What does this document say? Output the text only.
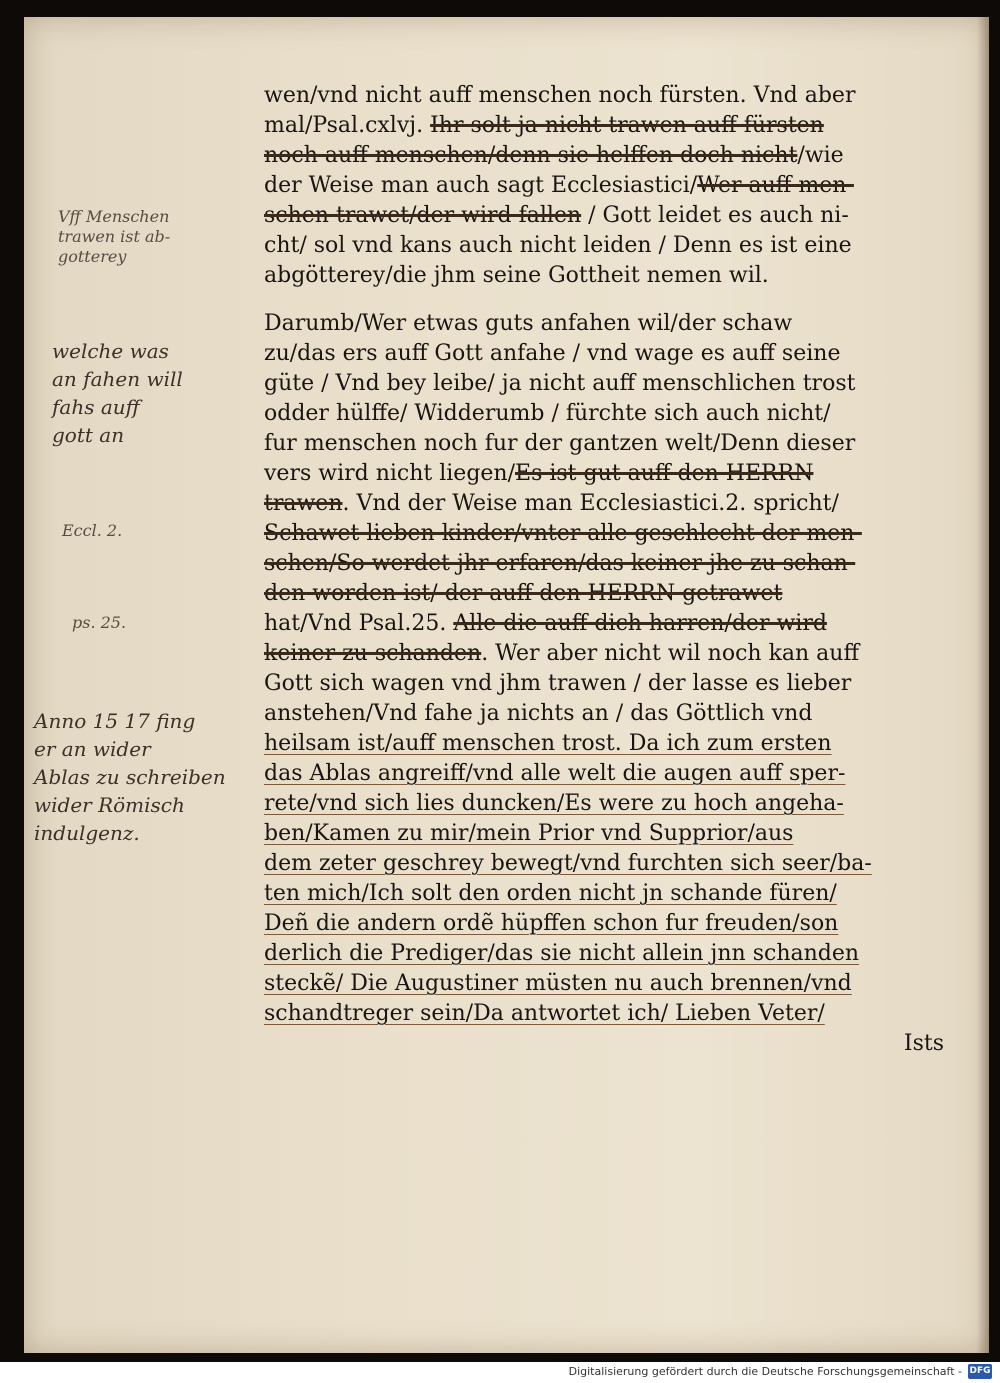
Vff Menschen
trawen ist ab-
gotterey
welche was
an fahen will
fahs auff
gott an
Eccl. 2.
ps. 25.
Anno 15 17 fing
er an wider
Ablas zu schreiben
wider Römisch
indulgenz.
wen/vnd nicht auff menschen noch fürsten. Vnd aber
mal/Psal.cxlvj. Ihr solt ja nicht trawen auff fürsten
noch auff menschen/denn sie helffen doch nicht/wie
der Weise man auch sagt Ecclesiastici/Wer auff men-
schen trawet/der wird fallen / Gott leidet es auch ni-
cht/ sol vnd kans auch nicht leiden / Denn es ist eine
abgötterey/die jhm seine Gottheit nemen wil.
Darumb/Wer etwas guts anfahen wil/der schaw
zu/das ers auff Gott anfahe / vnd wage es auff seine
güte / Vnd bey leibe/ ja nicht auff menschlichen trost
odder hülffe/ Widderumb / fürchte sich auch nicht/
fur menschen noch fur der gantzen welt/Denn dieser
vers wird nicht liegen/Es ist gut auff den HERRN
trawen. Vnd der Weise man Ecclesiastici.2. spricht/
Schawet lieben kinder/vnter alle geschlecht der men-
schen/So werdet jhr erfaren/das keiner jhe zu schan-
den worden ist/ der auff den HERRN getrawet
hat/Vnd Psal.25. Alle die auff dich harren/der wird
keiner zu schanden. Wer aber nicht wil noch kan auff
Gott sich wagen vnd jhm trawen / der lasse es lieber
anstehen/Vnd fahe ja nichts an / das Göttlich vnd
heilsam ist/auff menschen trost. Da ich zum ersten
das Ablas angreiff/vnd alle welt die augen auff sper-
rete/vnd sich lies duncken/Es were zu hoch angeha-
ben/Kamen zu mir/mein Prior vnd Supprior/aus
dem zeter geschrey bewegt/vnd furchten sich seer/ba-
ten mich/Ich solt den orden nicht jn schande füren/
Deñ die andern ordẽ hüpffen schon fur freuden/son
derlich die Prediger/das sie nicht allein jnn schanden
steckẽ/ Die Augustiner müsten nu auch brennen/vnd
schandtreger sein/Da antwortet ich/ Lieben Veter/
Ists
Digitalisierung gefördert durch die Deutsche Forschungsgemeinschaft - DFG
